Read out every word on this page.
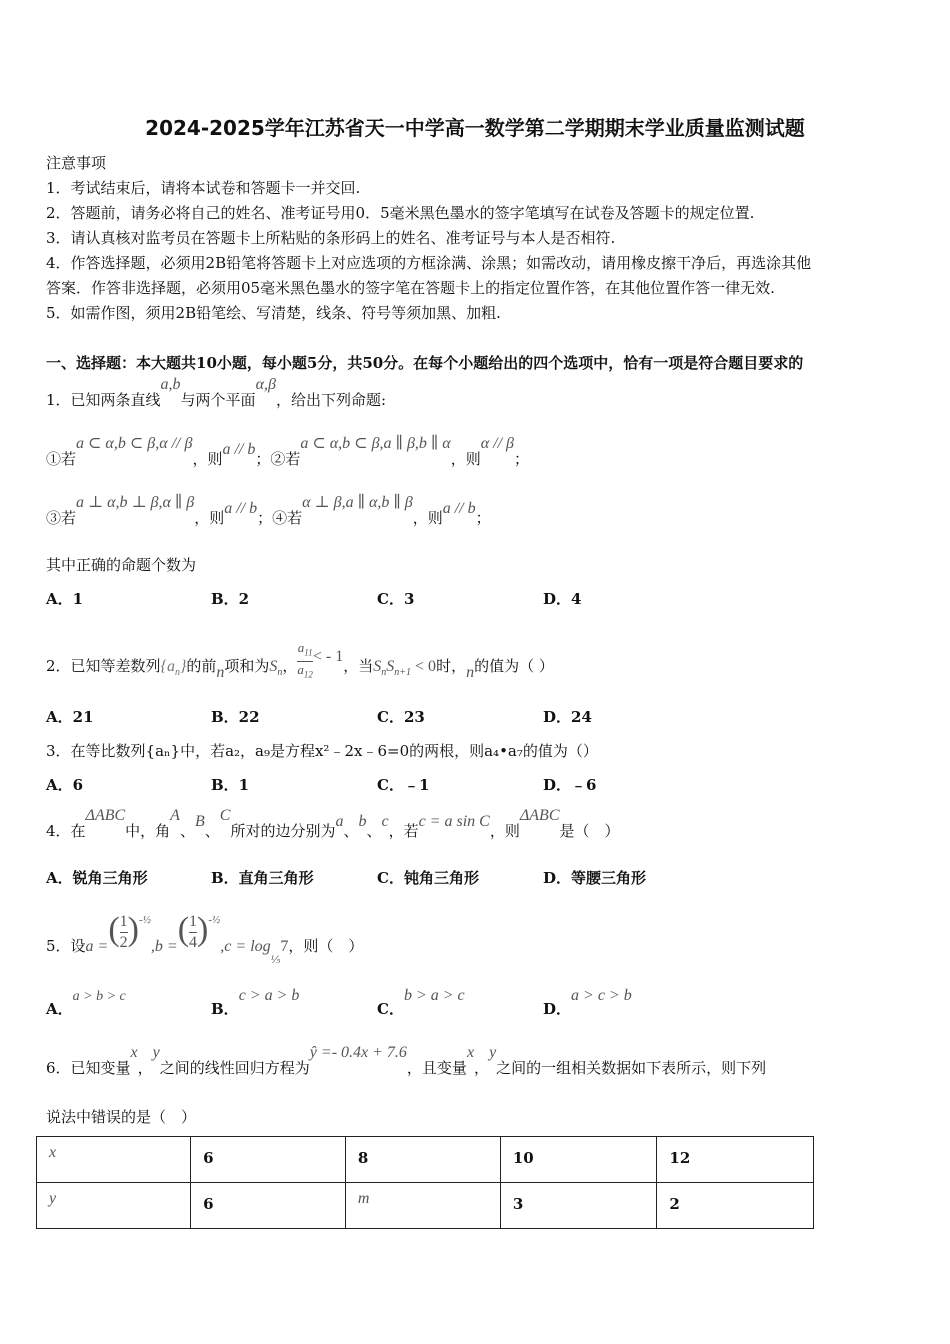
2024-2025学年江苏省天一中学高一数学第二学期期末学业质量监测试题
注意事项
1．考试结束后，请将本试卷和答题卡一并交回.
2．答题前，请务必将自己的姓名、准考证号用0．5毫米黑色墨水的签字笔填写在试卷及答题卡的规定位置.
3．请认真核对监考员在答题卡上所粘贴的条形码上的姓名、准考证号与本人是否相符.
4．作答选择题，必须用2B铅笔将答题卡上对应选项的方框涂满、涂黑；如需改动，请用橡皮擦干净后，再选涂其他
答案．作答非选择题，必须用05毫米黑色墨水的签字笔在答题卡上的指定位置作答，在其他位置作答一律无效.
5．如需作图，须用2B铅笔绘、写清楚，线条、符号等须加黑、加粗.
一、选择题：本大题共10小题，每小题5分，共50分。在每个小题给出的四个选项中，恰有一项是符合题目要求的
1．已知两条直线a,b与两个平面α,β，给出下列命题:
①若a ⊂ α,b ⊂ β,α // β，则a // b；②若a ⊂ α,b ⊂ β,a ∥ β,b ∥ α，则α // β；
③若a ⊥ α,b ⊥ β,α ∥ β，则a // b；④若α ⊥ β,a ∥ α,b ∥ β，则a // b；
其中正确的命题个数为
A．1	B．2	C．3	D．4
2．已知等差数列$\{a_n\}$的前n项和为$S_n$， $\frac{a_{11}}{a_{12}}$ < - 1，当$S_nS_{n+1} < 0$时，n的值为（ ）
A．21	B．22	C．23	D．24
3．在等比数列{aₙ}中，若a₂，a₉是方程x²﹣2x﹣6=0的两根，则a₄•a₇的值为（）
A．6	B．1	C．﹣1	D．﹣6
4．在ΔABC中，角A、B、C所对的边分别为a、b、c，若c = a sin C，则ΔABC是（　）
A．锐角三角形	B．直角三角形	C．钝角三角形	D．等腰三角形
5．设a =( $\frac{1}{2} )^{-\frac{1}{2}},b$ =( $\frac{1}{4} )^{-\frac{1}{2}},c = \log_{\frac{1}{5}}7$，则（　）
A．a > b > c
B．c > a > b
C．b > a > c
D．a > c > b
6．已知变量x，y之间的线性回归方程为ŷ =- 0.4x + 7.6，且变量x，y之间的一组相关数据如下表所示，则下列
说法中错误的是（　）
x	6	8	10	12
y	6	m	3	2
